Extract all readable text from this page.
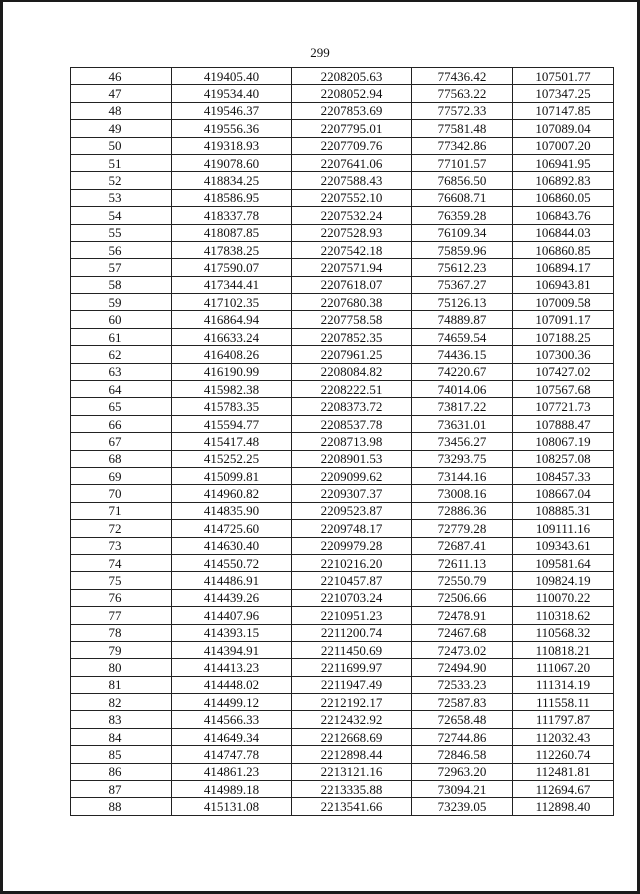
299
46	419405.40	2208205.63	77436.42	107501.77
47	419534.40	2208052.94	77563.22	107347.25
48	419546.37	2207853.69	77572.33	107147.85
49	419556.36	2207795.01	77581.48	107089.04
50	419318.93	2207709.76	77342.86	107007.20
51	419078.60	2207641.06	77101.57	106941.95
52	418834.25	2207588.43	76856.50	106892.83
53	418586.95	2207552.10	76608.71	106860.05
54	418337.78	2207532.24	76359.28	106843.76
55	418087.85	2207528.93	76109.34	106844.03
56	417838.25	2207542.18	75859.96	106860.85
57	417590.07	2207571.94	75612.23	106894.17
58	417344.41	2207618.07	75367.27	106943.81
59	417102.35	2207680.38	75126.13	107009.58
60	416864.94	2207758.58	74889.87	107091.17
61	416633.24	2207852.35	74659.54	107188.25
62	416408.26	2207961.25	74436.15	107300.36
63	416190.99	2208084.82	74220.67	107427.02
64	415982.38	2208222.51	74014.06	107567.68
65	415783.35	2208373.72	73817.22	107721.73
66	415594.77	2208537.78	73631.01	107888.47
67	415417.48	2208713.98	73456.27	108067.19
68	415252.25	2208901.53	73293.75	108257.08
69	415099.81	2209099.62	73144.16	108457.33
70	414960.82	2209307.37	73008.16	108667.04
71	414835.90	2209523.87	72886.36	108885.31
72	414725.60	2209748.17	72779.28	109111.16
73	414630.40	2209979.28	72687.41	109343.61
74	414550.72	2210216.20	72611.13	109581.64
75	414486.91	2210457.87	72550.79	109824.19
76	414439.26	2210703.24	72506.66	110070.22
77	414407.96	2210951.23	72478.91	110318.62
78	414393.15	2211200.74	72467.68	110568.32
79	414394.91	2211450.69	72473.02	110818.21
80	414413.23	2211699.97	72494.90	111067.20
81	414448.02	2211947.49	72533.23	111314.19
82	414499.12	2212192.17	72587.83	111558.11
83	414566.33	2212432.92	72658.48	111797.87
84	414649.34	2212668.69	72744.86	112032.43
85	414747.78	2212898.44	72846.58	112260.74
86	414861.23	2213121.16	72963.20	112481.81
87	414989.18	2213335.88	73094.21	112694.67
88	415131.08	2213541.66	73239.05	112898.40
